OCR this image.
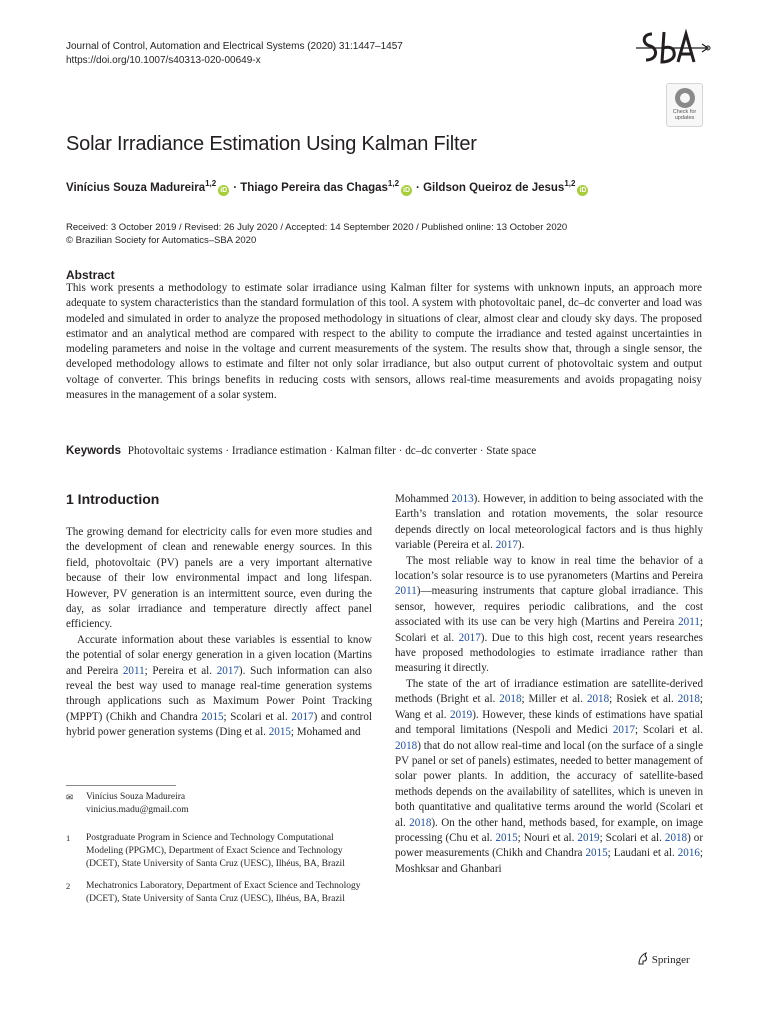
Journal of Control, Automation and Electrical Systems (2020) 31:1447–1457
https://doi.org/10.1007/s40313-020-00649-x
Check for updates
Solar Irradiance Estimation Using Kalman Filter
Vinícius Souza Madureira$^{1,2}$iD · Thiago Pereira das Chagas$^{1,2}$iD · Gildson Queiroz de Jesus$^{1,2}$iD
Received: 3 October 2019 / Revised: 26 July 2020 / Accepted: 14 September 2020 / Published online: 13 October 2020
© Brazilian Society for Automatics–SBA 2020
Abstract
This work presents a methodology to estimate solar irradiance using Kalman filter for systems with unknown inputs, an approach more adequate to system characteristics than the standard formulation of this tool. A system with photovoltaic panel, dc–dc converter and load was modeled and simulated in order to analyze the proposed methodology in situations of clear, almost clear and cloudy sky days. The proposed estimator and an analytical method are compared with respect to the ability to compute the irradiance and tested against uncertainties in modeling parameters and noise in the voltage and current measurements of the system. The results show that, through a single sensor, the developed methodology allows to estimate and filter not only solar irradiance, but also output current of photovoltaic system and output voltage of converter. This brings benefits in reducing costs with sensors, allows real-time measurements and avoids propagating noisy measures in the management of a solar system.
Keywords Photovoltaic systems · Irradiance estimation · Kalman filter · dc–dc converter · State space
1 Introduction

The growing demand for electricity calls for even more studies and the development of clean and renewable energy sources. In this field, photovoltaic (PV) panels are a very important alternative because of their low environmental impact and long lifespan. However, PV generation is an intermittent source, even during the day, as solar irradiance and temperature directly affect panel efficiency.

Accurate information about these variables is essential to know the potential of solar energy generation in a given location (Martins and Pereira 2011; Pereira et al. 2017). Such information can also reveal the best way used to manage real-time generation systems through applications such as Maximum Power Point Tracking (MPPT) (Chikh and Chandra 2015; Scolari et al. 2017) and control hybrid power generation systems (Ding et al. 2015; Mohamed and

Mohammed 2013). However, in addition to being associated with the Earth’s translation and rotation movements, the solar resource depends directly on local meteorological factors and is thus highly variable (Pereira et al. 2017).

The most reliable way to know in real time the behavior of a location’s solar resource is to use pyranometers (Martins and Pereira 2011)—measuring instruments that capture global irradiance. This sensor, however, requires periodic calibrations, and the cost associated with its use can be very high (Martins and Pereira 2011; Scolari et al. 2017). Due to this high cost, recent years researches have proposed methodologies to estimate irradiance rather than measuring it directly.

The state of the art of irradiance estimation are satellite-derived methods (Bright et al. 2018; Miller et al. 2018; Rosiek et al. 2018; Wang et al. 2019). However, these kinds of estimations have spatial and temporal limitations (Nespoli and Medici 2017; Scolari et al. 2018) that do not allow real-time and local (on the surface of a single PV panel or set of panels) estimates, needed to better management of solar power plants. In addition, the accuracy of satellite-based methods depends on the availability of satellites, which is uneven in both quantitative and qualitative terms around the world (Scolari et al. 2018). On the other hand, methods based, for example, on image processing (Chu et al. 2015; Nouri et al. 2019; Scolari et al. 2018) or power measurements (Chikh and Chandra 2015; Laudani et al. 2016; Moshksar and Ghanbari

✉ Vinícius Souza Madureira
vinicius.madu@gmail.com
1 Postgraduate Program in Science and Technology Computational Modeling (PPGMC), Department of Exact Science and Technology (DCET), State University of Santa Cruz (UESC), Ilhéus, BA, Brazil
2 Mechatronics Laboratory, Department of Exact Science and Technology (DCET), State University of Santa Cruz (UESC), Ilhéus, BA, Brazil
Springer
